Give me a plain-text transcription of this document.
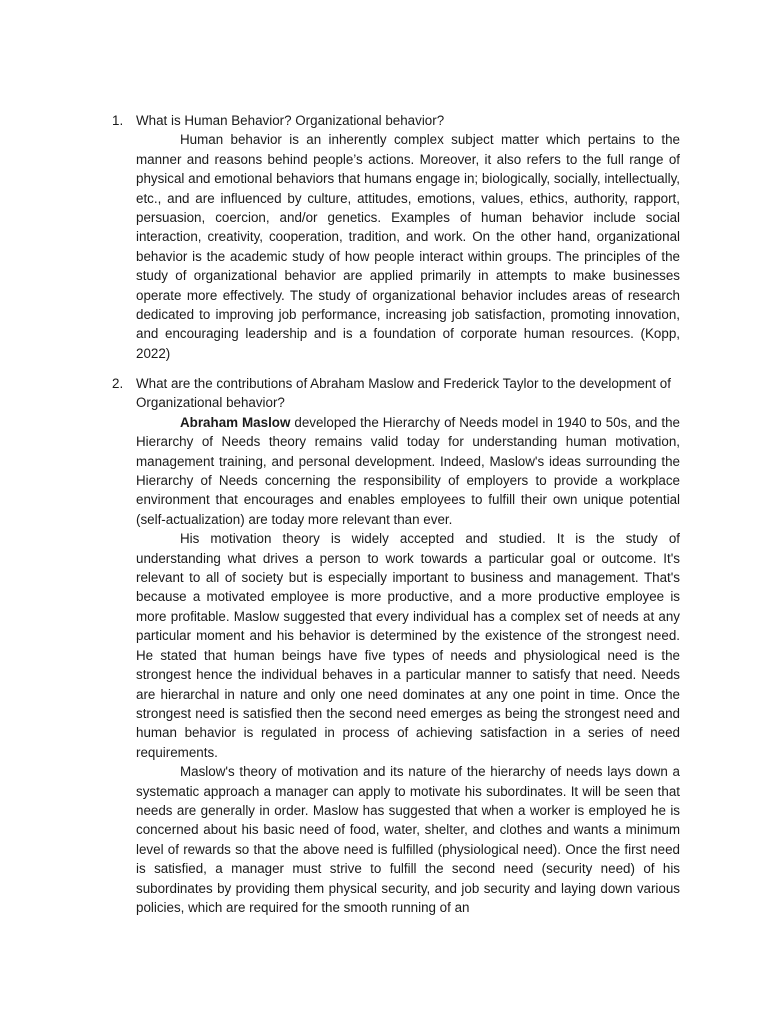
1. What is Human Behavior? Organizational behavior?

Human behavior is an inherently complex subject matter which pertains to the manner and reasons behind people’s actions. Moreover, it also refers to the full range of physical and emotional behaviors that humans engage in; biologically, socially, intellectually, etc., and are influenced by culture, attitudes, emotions, values, ethics, authority, rapport, persuasion, coercion, and/or genetics. Examples of human behavior include social interaction, creativity, cooperation, tradition, and work. On the other hand, organizational behavior is the academic study of how people interact within groups. The principles of the study of organizational behavior are applied primarily in attempts to make businesses operate more effectively. The study of organizational behavior includes areas of research dedicated to improving job performance, increasing job satisfaction, promoting innovation, and encouraging leadership and is a foundation of corporate human resources. (Kopp, 2022)

2. What are the contributions of Abraham Maslow and Frederick Taylor to the development of Organizational behavior?

Abraham Maslow developed the Hierarchy of Needs model in 1940 to 50s, and the Hierarchy of Needs theory remains valid today for understanding human motivation, management training, and personal development. Indeed, Maslow's ideas surrounding the Hierarchy of Needs concerning the responsibility of employers to provide a workplace environment that encourages and enables employees to fulfill their own unique potential (self-actualization) are today more relevant than ever.

His motivation theory is widely accepted and studied. It is the study of understanding what drives a person to work towards a particular goal or outcome. It's relevant to all of society but is especially important to business and management. That's because a motivated employee is more productive, and a more productive employee is more profitable. Maslow suggested that every individual has a complex set of needs at any particular moment and his behavior is determined by the existence of the strongest need. He stated that human beings have five types of needs and physiological need is the strongest hence the individual behaves in a particular manner to satisfy that need. Needs are hierarchal in nature and only one need dominates at any one point in time. Once the strongest need is satisfied then the second need emerges as being the strongest need and human behavior is regulated in process of achieving satisfaction in a series of need requirements.

Maslow's theory of motivation and its nature of the hierarchy of needs lays down a systematic approach a manager can apply to motivate his subordinates. It will be seen that needs are generally in order. Maslow has suggested that when a worker is employed he is concerned about his basic need of food, water, shelter, and clothes and wants a minimum level of rewards so that the above need is fulfilled (physiological need). Once the first need is satisfied, a manager must strive to fulfill the second need (security need) of his subordinates by providing them physical security, and job security and laying down various policies, which are required for the smooth running of an
